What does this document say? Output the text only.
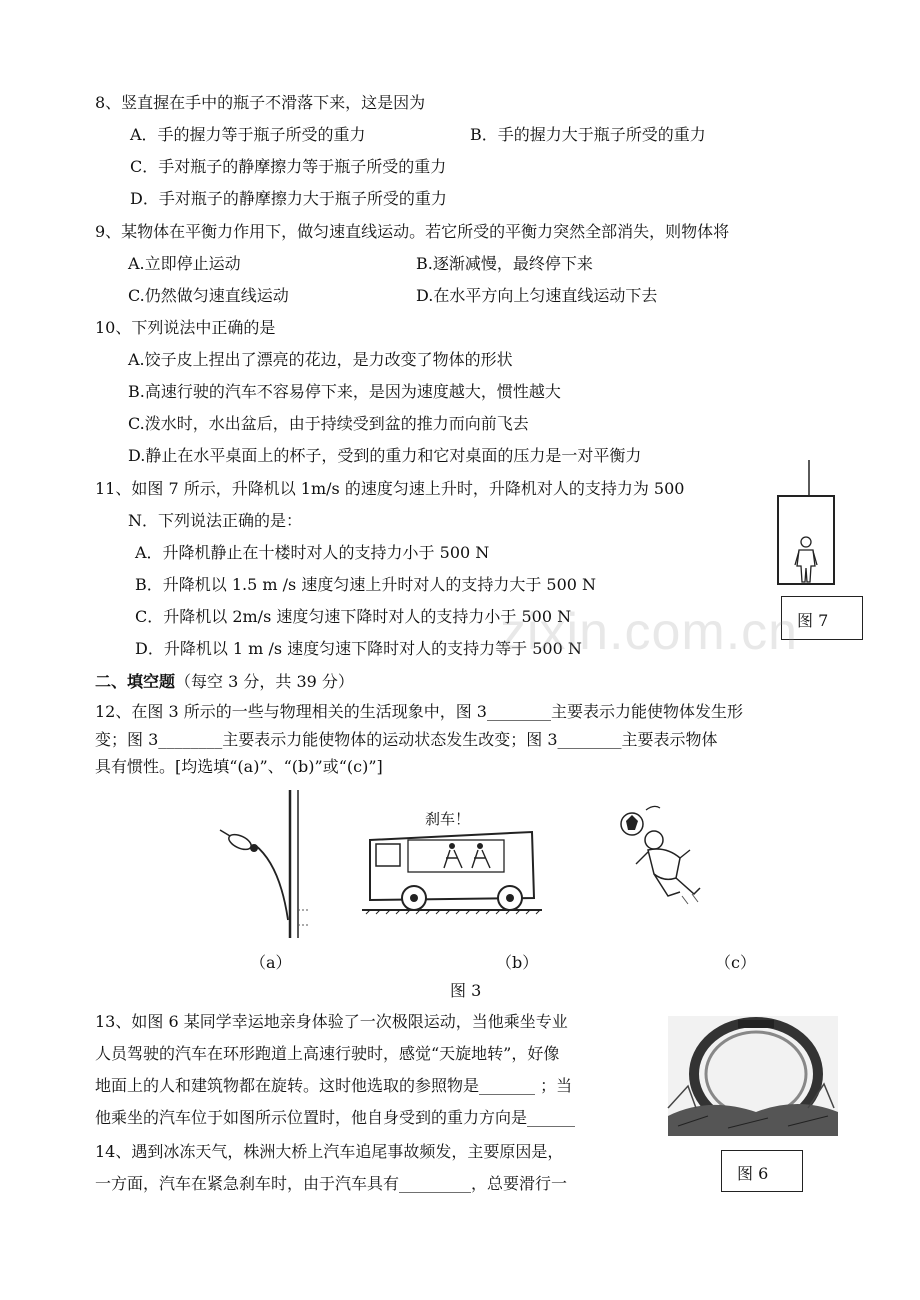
8、竖直握在手中的瓶子不滑落下来，这是因为
A．手的握力等于瓶子所受的重力	B．手的握力大于瓶子所受的重力
C．手对瓶子的静摩擦力等于瓶子所受的重力
D．手对瓶子的静摩擦力大于瓶子所受的重力
9、某物体在平衡力作用下，做匀速直线运动。若它所受的平衡力突然全部消失，则物体将
A.立即停止运动	B.逐渐减慢，最终停下来
C.仍然做匀速直线运动	D.在水平方向上匀速直线运动下去
10、下列说法中正确的是
A.饺子皮上捏出了漂亮的花边，是力改变了物体的形状
B.高速行驶的汽车不容易停下来，是因为速度越大，惯性越大
C.泼水时，水出盆后，由于持续受到盆的推力而向前飞去
D.静止在水平桌面上的杯子，受到的重力和它对桌面的压力是一对平衡力
11、如图 7 所示，升降机以 1m/s 的速度匀速上升时，升降机对人的支持力为 500
N．下列说法正确的是：
A．升降机静止在十楼时对人的支持力小于 500 N
B．升降机以 1.5 m /s 速度匀速上升时对人的支持力大于 500 N
C．升降机以 2m/s 速度匀速下降时对人的支持力小于 500 N
D．升降机以 1 m /s 速度匀速下降时对人的支持力等于 500 N
图 7
zixin.com.cn
二、填空题（每空 3 分，共 39 分）
12、在图 3 所示的一些与物理相关的生活现象中，图 3________主要表示力能使物体发生形
变；图 3________主要表示力能使物体的运动状态发生改变；图 3________主要表示物体
具有惯性。[均选填“(a)”、“(b)”或“(c)”]
（a）
刹车！
（b）	（c）
图 3
13、如图 6 某同学幸运地亲身体验了一次极限运动，当他乘坐专业
人员驾驶的汽车在环形跑道上高速行驶时，感觉“天旋地转”，好像
地面上的人和建筑物都在旋转。这时他选取的参照物是_______ ；当
他乘坐的汽车位于如图所示位置时，他自身受到的重力方向是______
图 6
14、遇到冰冻天气，株洲大桥上汽车追尾事故频发，主要原因是，
一方面，汽车在紧急刹车时，由于汽车具有_________，总要滑行一
